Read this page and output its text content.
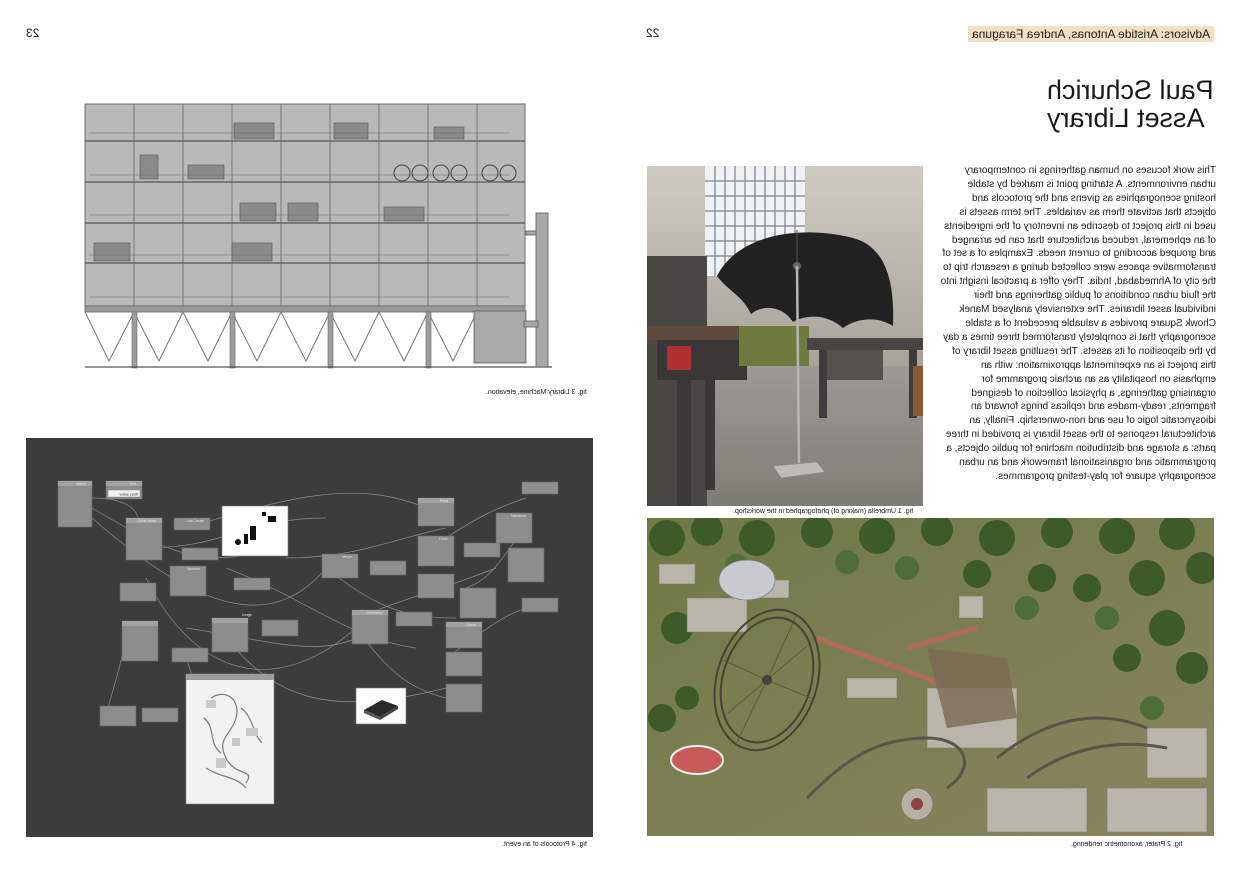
23
fig. 3 Library Machine, elevation.
value path
Watch	Text
Code Block	List.Create
Image
Number
Vector
Point
Circle
Transform
Geometry
Curve
fig. 4 Protocols of an event.
22	Advisors: Aristide Antonas, Andrea Faraguna
Paul Schurich
Asset Library
This work focuses on human gatherings in contemporary urban environments. A starting point is marked by stable hosting scenographies as givens and the protocols and objects that activate them as variables. The term assets is used in this project to describe an inventory of the ingredients of an ephemeral, reduced architecture that can be arranged and grouped according to current needs. Examples of a set of transformative spaces were collected during a research trip to the city of Ahmedabad, India. They offer a practical insight into the fluid urban conditions of public gatherings and their individual asset libraries. The extensively analysed Manek Chowk Square provides a valuable precedent of a stable scenography that is completely transformed three times a day by the disposition of its assets. The resulting asset library of this project is an experimental approximation: with an emphasis on hospitality as an archaic programme for organising gatherings, a physical collection of designed fragments, ready-mades and replicas brings forward an idiosyncratic logic of use and non-ownership. Finally, an architectural response to the asset library is provided in three parts: a storage and distribution machine for public objects, a programmatic and organisational framework and an urban scenography square for play-testing programmes.
fig. 1 Umbrella (making of) photographed in the workshop.
fig. 2 Prater, axonometric rendering.
